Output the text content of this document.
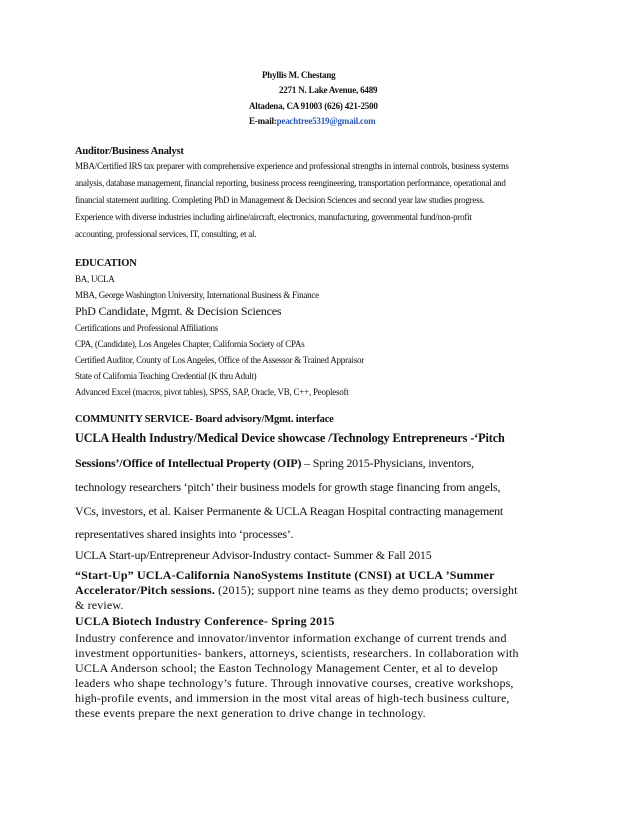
Phyllis M. Chestang
2271 N. Lake Avenue, 6489
Altadena, CA 91003 (626) 421-2500
E-mail:peachtree5319@gmail.com
Auditor/Business Analyst
MBA/Certified IRS tax preparer with comprehensive experience and professional strengths in internal controls, business systems
analysis, database management, financial reporting, business process reengineering, transportation performance, operational and
financial statement auditing. Completing PhD in Management & Decision Sciences and second year law studies progress.
Experience with diverse industries including airline/aircraft, electronics, manufacturing, governmental fund/non-profit
accounting, professional services, IT, consulting, et al.
EDUCATION
BA, UCLA
MBA, George Washington University, International Business & Finance
PhD Candidate, Mgmt. & Decision Sciences
Certifications and Professional Affiliations
CPA, (Candidate), Los Angeles Chapter, California Society of CPAs
Certified Auditor, County of Los Angeles, Office of the Assessor & Trained Appraisor
State of California Teaching Credential (K thru Adult)
Advanced Excel (macros, pivot tables), SPSS, SAP, Oracle, VB, C++, Peoplesoft
COMMUNITY SERVICE- Board advisory/Mgmt. interface
UCLA Health Industry/Medical Device showcase /Technology Entrepreneurs -‘Pitch
Sessions’/Office of Intellectual Property (OIP) – Spring 2015-Physicians, inventors,
technology researchers ‘pitch’ their business models for growth stage financing from angels,
VCs, investors, et al. Kaiser Permanente & UCLA Reagan Hospital contracting management
representatives shared insights into ‘processes’.
UCLA Start-up/Entrepreneur Advisor-Industry contact- Summer & Fall 2015
“Start-Up” UCLA-California NanoSystems Institute (CNSI) at UCLA ’Summer
Accelerator/Pitch sessions. (2015); support nine teams as they demo products; oversight
& review.
UCLA Biotech Industry Conference- Spring 2015
Industry conference and innovator/inventor information exchange of current trends and
investment opportunities- bankers, attorneys, scientists, researchers. In collaboration with
UCLA Anderson school; the Easton Technology Management Center, et al to develop
leaders who shape technology’s future. Through innovative courses, creative workshops,
high-profile events, and immersion in the most vital areas of high-tech business culture,
these events prepare the next generation to drive change in technology.
